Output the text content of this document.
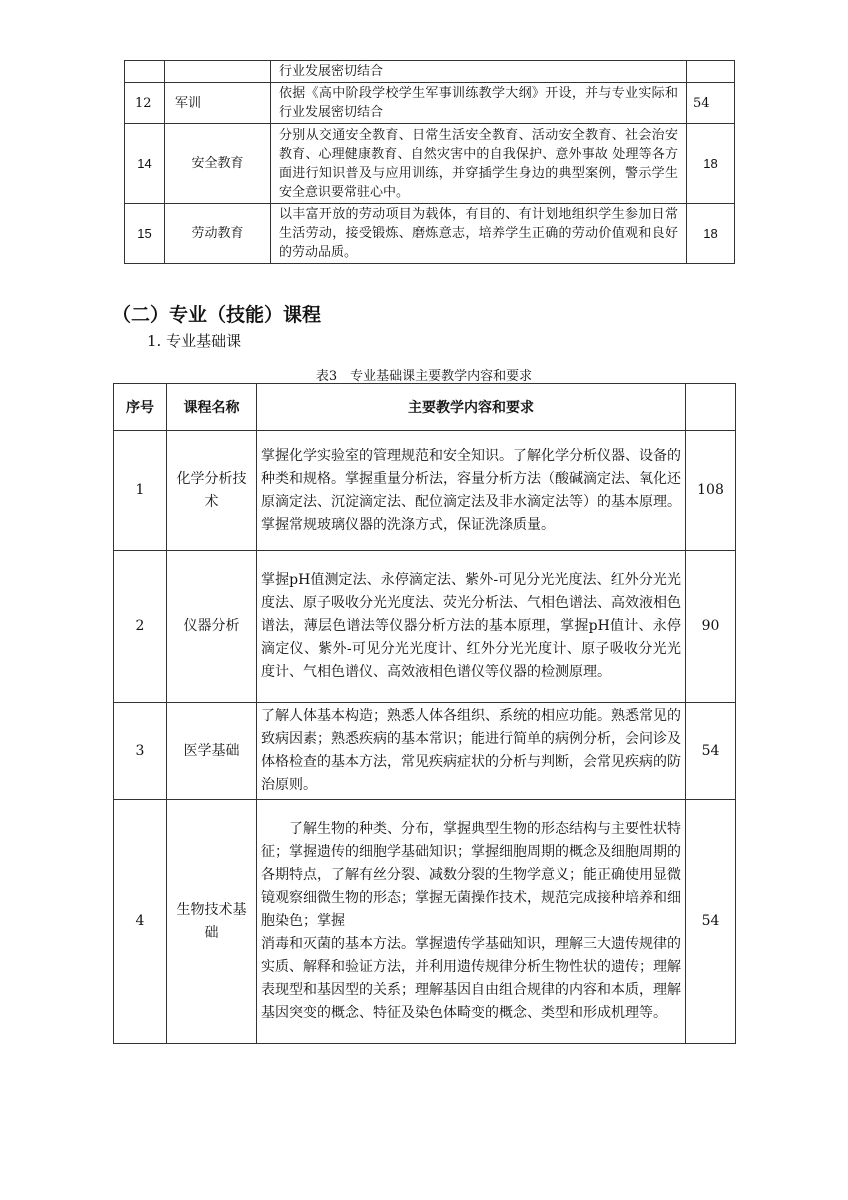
		行业发展密切结合	
12	军训	依据《高中阶段学校学生军事训练教学大纲》开设，并与专业实际和行业发展密切结合	54
14	安全教育	分别从交通安全教育、日常生活安全教育、活动安全教育、社会治安教育、心理健康教育、自然灾害中的自我保护、意外事故 处理等各方面进行知识普及与应用训练，并穿插学生身边的典型案例，警示学生安全意识要常驻心中。	18
15	劳动教育	以丰富开放的劳动项目为载体，有目的、有计划地组织学生参加日常生活劳动，接受锻炼、磨炼意志，培养学生正确的劳动价值观和良好的劳动品质。	18
（二）专业（技能）课程

1. 专业基础课

表3　专业基础课主要教学内容和要求

序号	课程名称	主要教学内容和要求	
1	化学分析技术	掌握化学实验室的管理规范和安全知识。了解化学分析仪器、设备的种类和规格。掌握重量分析法，容量分析方法（酸碱滴定法、氧化还原滴定法、沉淀滴定法、配位滴定法及非水滴定法等）的基本原理。掌握常规玻璃仪器的洗涤方式，保证洗涤质量。	108
2	仪器分析	掌握pH值测定法、永停滴定法、紫外-可见分光光度法、红外分光光度法、原子吸收分光光度法、荧光分析法、气相色谱法、高效液相色谱法，薄层色谱法等仪器分析方法的基本原理，掌握pH值计、永停滴定仪、紫外-可见分光光度计、红外分光光度计、原子吸收分光光度计、气相色谱仪、高效液相色谱仪等仪器的检测原理。	90
3	医学基础	了解人体基本构造；熟悉人体各组织、系统的相应功能。熟悉常见的致病因素；熟悉疾病的基本常识；能进行简单的病例分析，会问诊及体格检查的基本方法，常见疾病症状的分析与判断，会常见疾病的防治原则。	54
4	生物技术基础	了解生物的种类、分布，掌握典型生物的形态结构与主要性状特征；掌握遗传的细胞学基础知识；掌握细胞周期的概念及细胞周期的各期特点，了解有丝分裂、减数分裂的生物学意义；能正确使用显微镜观察细微生物的形态；掌握无菌操作技术，规范完成接种培养和细胞染色；掌握
消毒和灭菌的基本方法。掌握遗传学基础知识，理解三大遗传规律的实质、解释和验证方法，并利用遗传规律分析生物性状的遗传；理解表现型和基因型的关系；理解基因自由组合规律的内容和本质，理解基因突变的概念、特征及染色体畸变的概念、类型和形成机理等。	54
